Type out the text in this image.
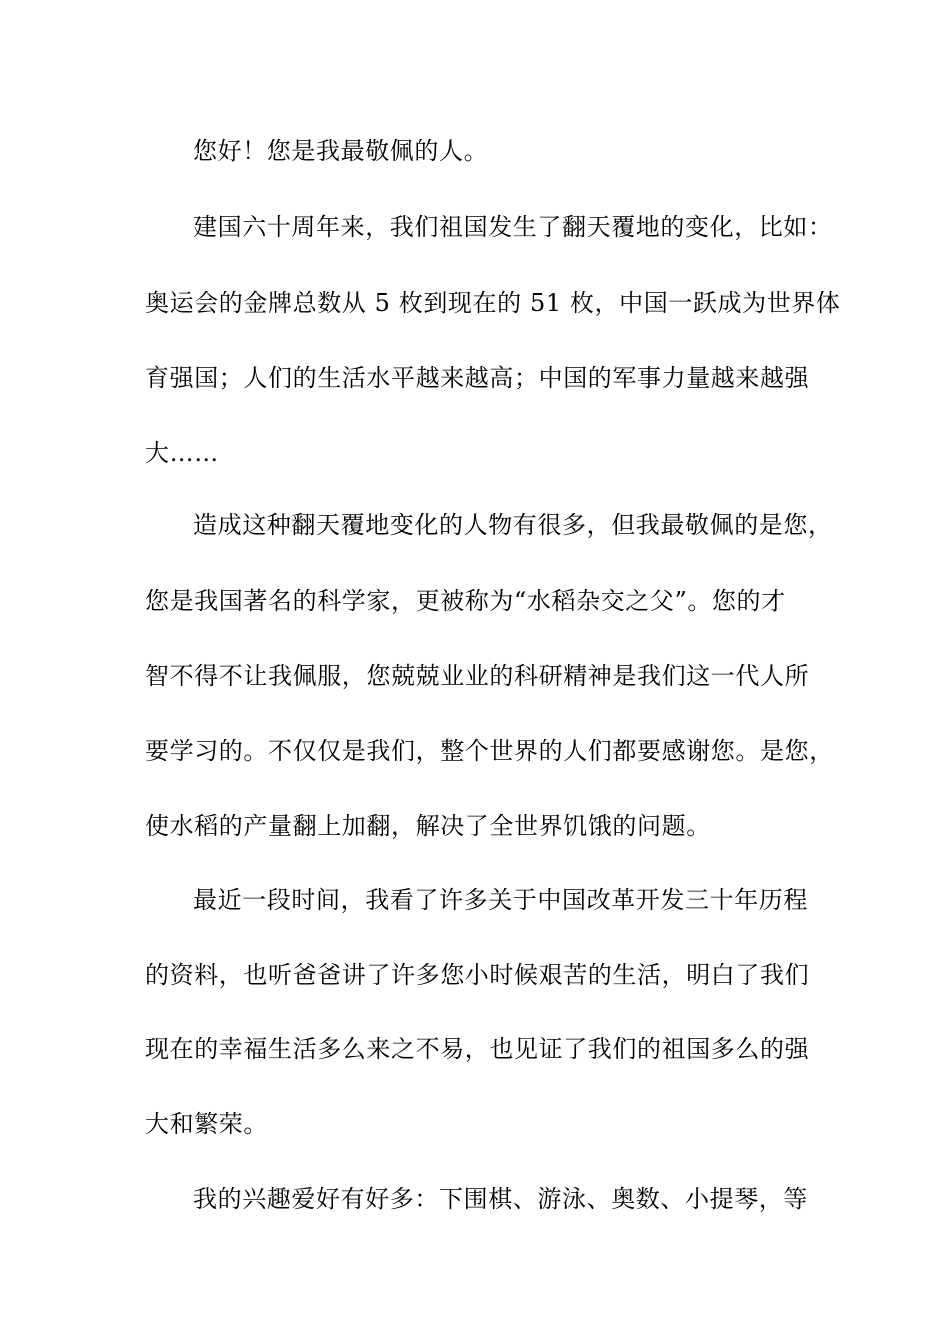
您好！您是我最敬佩的人。
建国六十周年来，我们祖国发生了翻天覆地的变化，比如：
奥运会的金牌总数从 5 枚到现在的 51 枚，中国一跃成为世界体
育强国；人们的生活水平越来越高；中国的军事力量越来越强
大……
造成这种翻天覆地变化的人物有很多，但我最敬佩的是您，
您是我国著名的科学家，更被称为“水稻杂交之父”。您的才
智不得不让我佩服，您兢兢业业的科研精神是我们这一代人所
要学习的。不仅仅是我们，整个世界的人们都要感谢您。是您，
使水稻的产量翻上加翻，解决了全世界饥饿的问题。
最近一段时间，我看了许多关于中国改革开发三十年历程
的资料，也听爸爸讲了许多您小时候艰苦的生活，明白了我们
现在的幸福生活多么来之不易，也见证了我们的祖国多么的强
大和繁荣。
我的兴趣爱好有好多：下围棋、游泳、奥数、小提琴，等
